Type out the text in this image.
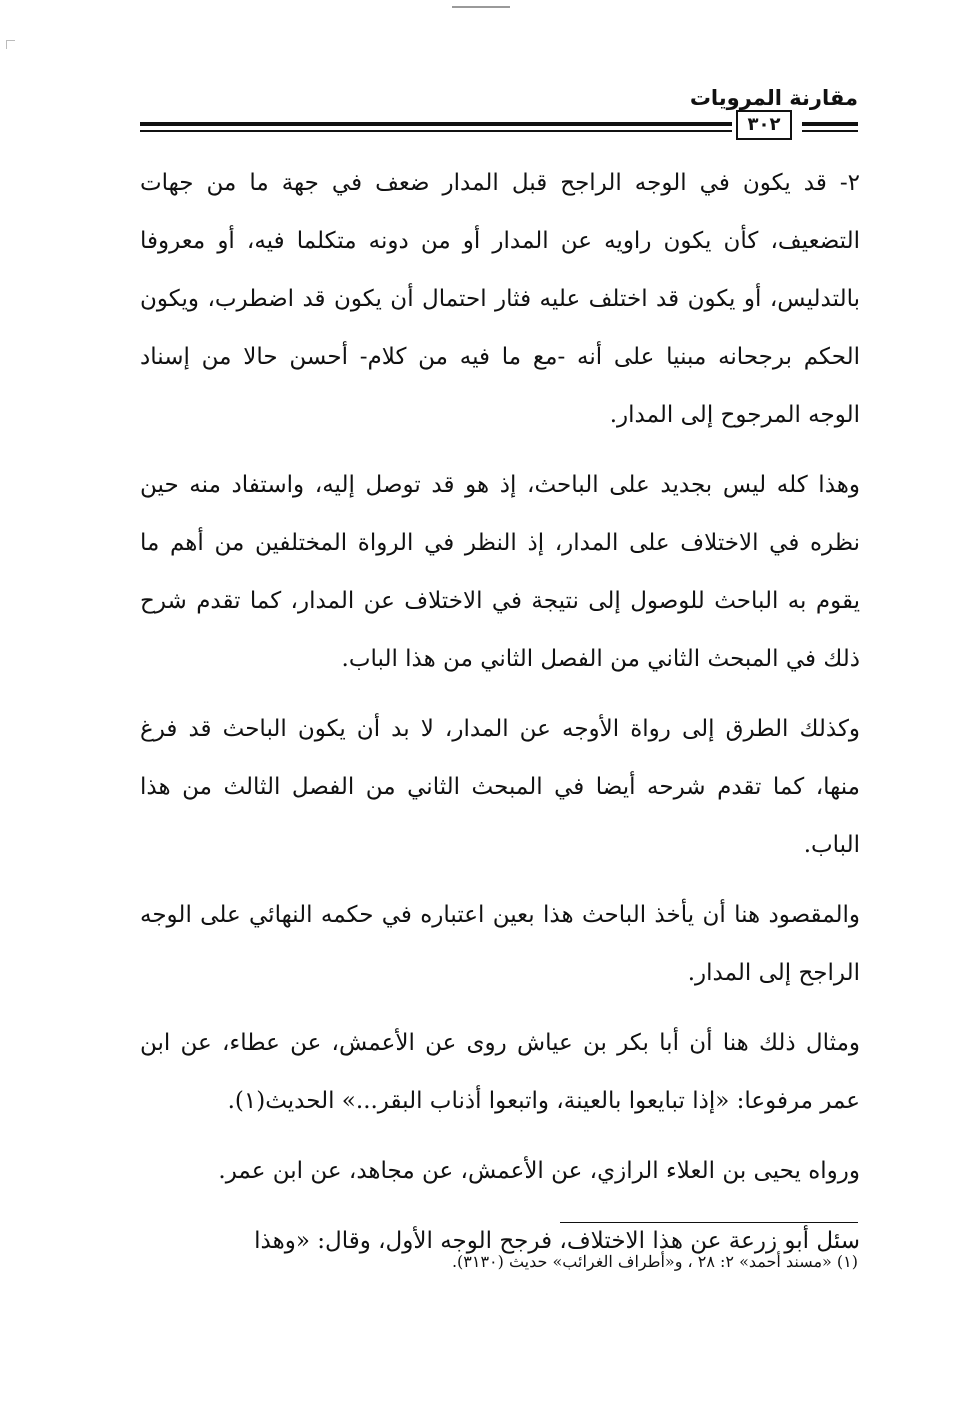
مقارنة المرويات
٣٠٢

٢- قد يكون في الوجه الراجح قبل المدار ضعف في جهة ما من جهات التضعيف، كأن يكون راويه عن المدار أو من دونه متكلما فيه، أو معروفا بالتدليس، أو يكون قد اختلف عليه فثار احتمال أن يكون قد اضطرب، ويكون الحكم برجحانه مبنيا على أنه -مع ما فيه من كلام- أحسن حالا من إسناد الوجه المرجوح إلى المدار.

وهذا كله ليس بجديد على الباحث، إذ هو قد توصل إليه، واستفاد منه حين نظره في الاختلاف على المدار، إذ النظر في الرواة المختلفين من أهم ما يقوم به الباحث للوصول إلى نتيجة في الاختلاف عن المدار، كما تقدم شرح ذلك في المبحث الثاني من الفصل الثاني من هذا الباب.

وكذلك الطرق إلى رواة الأوجه عن المدار، لا بد أن يكون الباحث قد فرغ منها، كما تقدم شرحه أيضا في المبحث الثاني من الفصل الثالث من هذا الباب.

والمقصود هنا أن يأخذ الباحث هذا بعين اعتباره في حكمه النهائي على الوجه الراجح إلى المدار.

ومثال ذلك هنا أن أبا بكر بن عياش روى عن الأعمش، عن عطاء، عن ابن عمر مرفوعا: «إذا تبايعوا بالعينة، واتبعوا أذناب البقر...» الحديث(١).

ورواه يحيى بن العلاء الرازي، عن الأعمش، عن مجاهد، عن ابن عمر.

سئل أبو زرعة عن هذا الاختلاف، فرجح الوجه الأول، وقال: «وهذا

(١) «مسند أحمد» ٢: ٢٨ ، و«أطراف الغرائب» حديث (٣١٣٠).
